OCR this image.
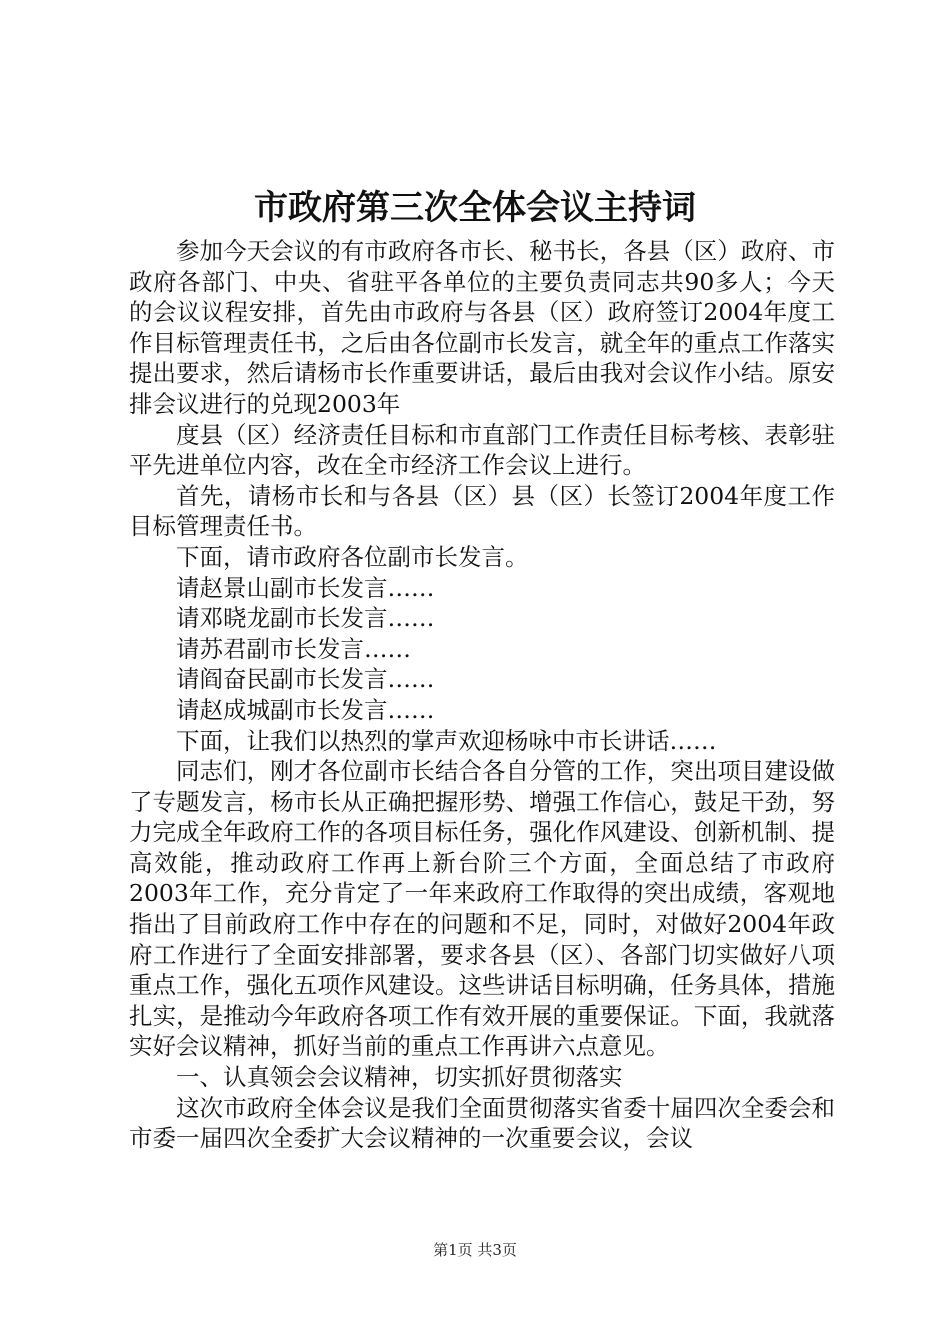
市政府第三次全体会议主持词

参加今天会议的有市政府各市长、秘书长，各县（区）政府、市政府各部门、中央、省驻平各单位的主要负责同志共90多人；今天的会议议程安排，首先由市政府与各县（区）政府签订2004年度工作目标管理责任书，之后由各位副市长发言，就全年的重点工作落实提出要求，然后请杨市长作重要讲话，最后由我对会议作小结。原安排会议进行的兑现2003年

度县（区）经济责任目标和市直部门工作责任目标考核、表彰驻平先进单位内容，改在全市经济工作会议上进行。

首先，请杨市长和与各县（区）县（区）长签订2004年度工作目标管理责任书。

下面，请市政府各位副市长发言。

请赵景山副市长发言……

请邓晓龙副市长发言……

请苏君副市长发言……

请阎奋民副市长发言……

请赵成城副市长发言……

下面，让我们以热烈的掌声欢迎杨咏中市长讲话……

同志们，刚才各位副市长结合各自分管的工作，突出项目建设做了专题发言，杨市长从正确把握形势、增强工作信心，鼓足干劲，努力完成全年政府工作的各项目标任务，强化作风建设、创新机制、提高效能，推动政府工作再上新台阶三个方面，全面总结了市政府2003年工作，充分肯定了一年来政府工作取得的突出成绩，客观地指出了目前政府工作中存在的问题和不足，同时，对做好2004年政府工作进行了全面安排部署，要求各县（区）、各部门切实做好八项重点工作，强化五项作风建设。这些讲话目标明确，任务具体，措施扎实，是推动今年政府各项工作有效开展的重要保证。下面，我就落实好会议精神，抓好当前的重点工作再讲六点意见。

一、认真领会会议精神，切实抓好贯彻落实

这次市政府全体会议是我们全面贯彻落实省委十届四次全委会和市委一届四次全委扩大会议精神的一次重要会议，会议

第1页 共3页
